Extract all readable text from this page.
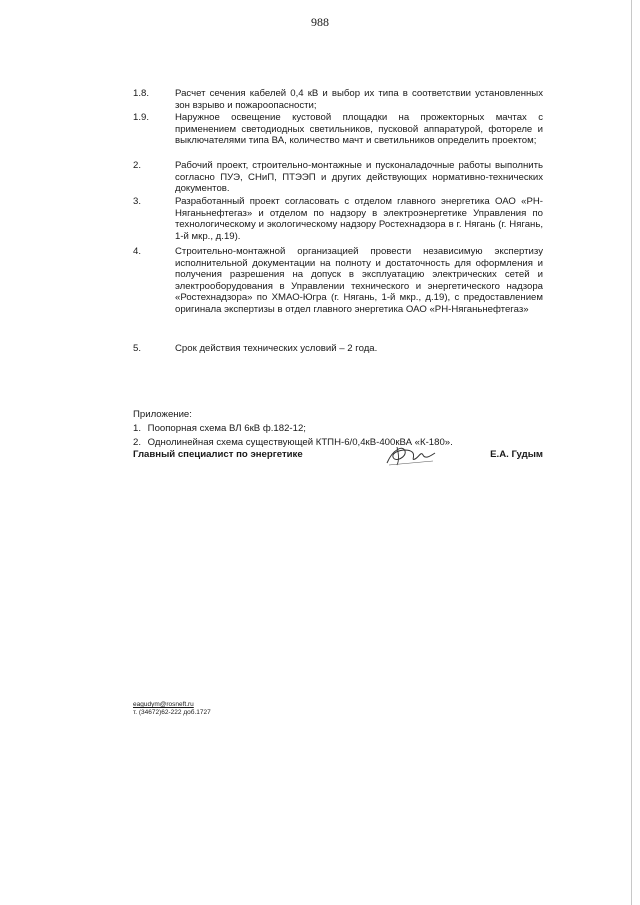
988
1.8.	Расчет сечения кабелей 0,4 кВ и выбор их типа в соответствии установленных зон взрыво и пожароопасности;
1.9.	Наружное освещение кустовой площадки на прожекторных мачтах с применением светодиодных светильников, пусковой аппаратурой, фотореле и выключателями типа ВА, количество мачт и светильников определить проектом;
2.	Рабочий проект, строительно-монтажные и пусконаладочные работы выполнить согласно ПУЭ, СНиП, ПТЭЭП и других действующих нормативно-технических документов.
3.	Разработанный проект согласовать с отделом главного энергетика ОАО «РН-Няганьнефтегаз» и отделом по надзору в электроэнергетике Управления по технологическому и экологическому надзору Ростехнадзора в г. Нягань (г. Нягань, 1-й мкр., д.19).
4.	Строительно-монтажной организацией провести независимую экспертизу исполнительной документации на полноту и достаточность для оформления и получения разрешения на допуск в эксплуатацию электрических сетей и электрооборудования в Управлении технического и энергетического надзора «Ростехнадзора» по ХМАО-Югра (г. Нягань, 1-й мкр., д.19), с предоставлением оригинала экспертизы в отдел главного энергетика ОАО «РН-Няганьнефтегаз»
5.	Срок действия технических условий – 2 года.
Приложение:
1. Поопорная схема ВЛ 6кВ ф.182-12;
2. Однолинейная схема существующей КТПН-6/0,4кВ-400кВА «К-180».
Главный специалист по энергетике	Е.А. Гудым
eagudym@rosneft.ru
т. (34672)62-222 доб.1727
